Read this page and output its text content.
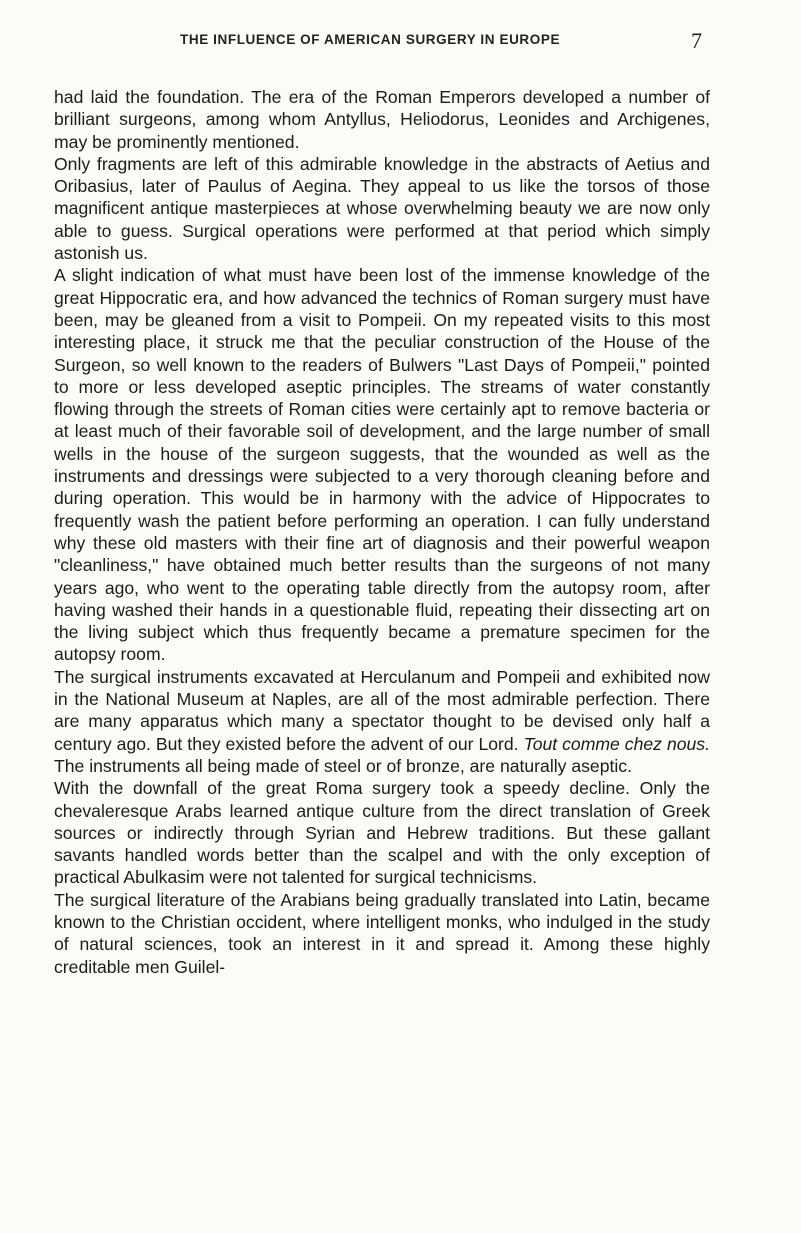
THE INFLUENCE OF AMERICAN SURGERY IN EUROPE	7

had laid the foundation. The era of the Roman Emperors developed a number of brilliant surgeons, among whom Antyllus, Heliodorus, Leonides and Archigenes, may be prominently mentioned.

Only fragments are left of this admirable knowledge in the abstracts of Aetius and Oribasius, later of Paulus of Aegina. They appeal to us like the torsos of those magnificent antique masterpieces at whose overwhelming beauty we are now only able to guess. Surgical operations were performed at that period which simply astonish us.

A slight indication of what must have been lost of the immense knowledge of the great Hippocratic era, and how advanced the technics of Roman surgery must have been, may be gleaned from a visit to Pompeii. On my repeated visits to this most interesting place, it struck me that the peculiar construction of the House of the Surgeon, so well known to the readers of Bulwers "Last Days of Pompeii," pointed to more or less developed aseptic principles. The streams of water constantly flowing through the streets of Roman cities were certainly apt to remove bacteria or at least much of their favorable soil of development, and the large number of small wells in the house of the surgeon suggests, that the wounded as well as the instruments and dressings were subjected to a very thorough cleaning before and during operation. This would be in harmony with the advice of Hippocrates to frequently wash the patient before performing an operation. I can fully understand why these old masters with their fine art of diagnosis and their powerful weapon "cleanliness," have obtained much better results than the surgeons of not many years ago, who went to the operating table directly from the autopsy room, after having washed their hands in a questionable fluid, repeating their dissecting art on the living subject which thus frequently became a premature specimen for the autopsy room.

The surgical instruments excavated at Herculanum and Pompeii and exhibited now in the National Museum at Naples, are all of the most admirable perfection. There are many apparatus which many a spectator thought to be devised only half a century ago. But they existed before the advent of our Lord. Tout comme chez nous. The instruments all being made of steel or of bronze, are naturally aseptic.

With the downfall of the great Roma surgery took a speedy decline. Only the chevaleresque Arabs learned antique culture from the direct translation of Greek sources or indirectly through Syrian and Hebrew traditions. But these gallant savants handled words better than the scalpel and with the only exception of practical Abulkasim were not talented for surgical technicisms.

The surgical literature of the Arabians being gradually translated into Latin, became known to the Christian occident, where intelligent monks, who indulged in the study of natural sciences, took an interest in it and spread it. Among these highly creditable men Guilel-
